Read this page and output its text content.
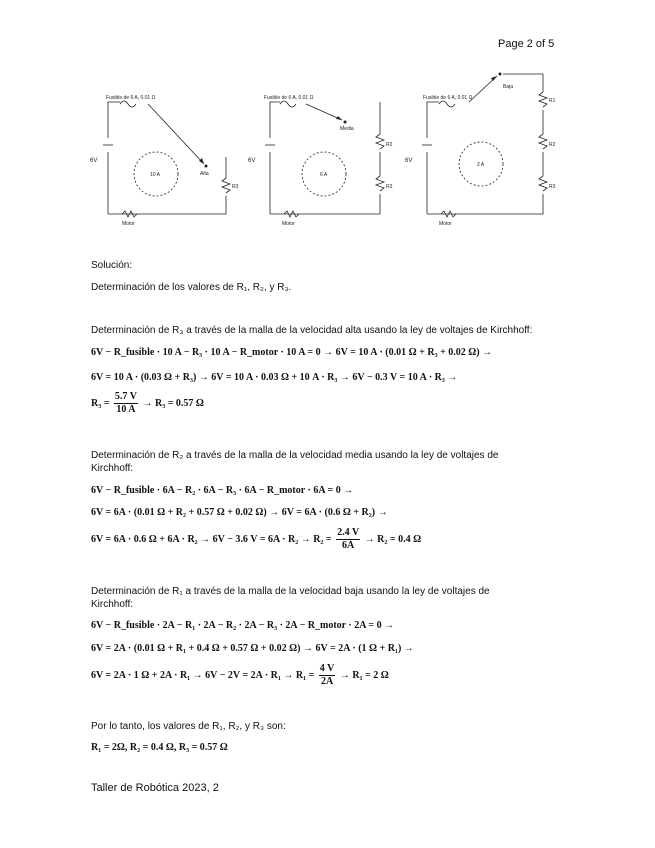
Page 2 of 5
Fusible de 6 A, 0.01 Ω
6V
Alta
10 A
R3
Motor
Fusible de 6 A, 0.01 Ω
6V
Media
6 A
R2
R3
Motor
Fusible de 6 A, 0.01 Ω
6V
Baja
2 A
R1
R2
R3
Motor
Solución:
Determinación de los valores de R₁, R₂, y R₃.
Determinación de R₃ a través de la malla de la velocidad alta usando la ley de voltajes de Kirchhoff:
6V − R_fusible · 10 A − R₃ · 10 A − R_motor · 10 A = 0 → 6V = 10 A · (0.01 Ω + R₃ + 0.02 Ω) →
6V = 10 A · (0.03 Ω + R₃) → 6V = 10 A · 0.03 Ω + 10 A · R₃ → 6V − 0.3 V = 10 A · R₃ →
$R_3 = \frac{5.7 V}{10 A} \to R_3 = 0.57$ Ω
Determinación de R₂ a través de la malla de la velocidad media usando la ley de voltajes de
Kirchhoff:
6V − R_fusible · 6A − R₂ · 6A − R₃ · 6A − R_motor · 6A = 0 →
6V = 6A · (0.01 Ω + R₂ + 0.57 Ω + 0.02 Ω) → 6V = 6A · (0.6 Ω + R₂) →
6V = 6A · 0.6 Ω + 6A · R₂ → 6V − 3.6 $V = 6A \cdot R_2 \to R_2 = \frac{2.4 V}{6A} \to R_2 = 0.4$ Ω
Determinación de R₁ a través de la malla de la velocidad baja usando la ley de voltajes de
Kirchhoff:
6V − R_fusible · 2A − R₁ · 2A − R₂ · 2A − R₃ · 2A − R_motor · 2A = 0 →
6V = 2A · (0.01 Ω + R₁ + 0.4 Ω + 0.57 Ω + 0.02 Ω) → 6V = 2A · (1 Ω + R₁) →
6V = 2A · 1 $\Omega + 2A \cdot R_1 \to 6V - 2V = 2A \cdot R_1 \to R_1 = \frac{4 V}{2A} \to R_1 = 2$ Ω
Por lo tanto, los valores de R₁, R₂, y R₃ son:
R₁ = 2Ω, R₂ = 0.4 Ω, R₃ = 0.57 Ω
Taller de Robótica 2023, 2
